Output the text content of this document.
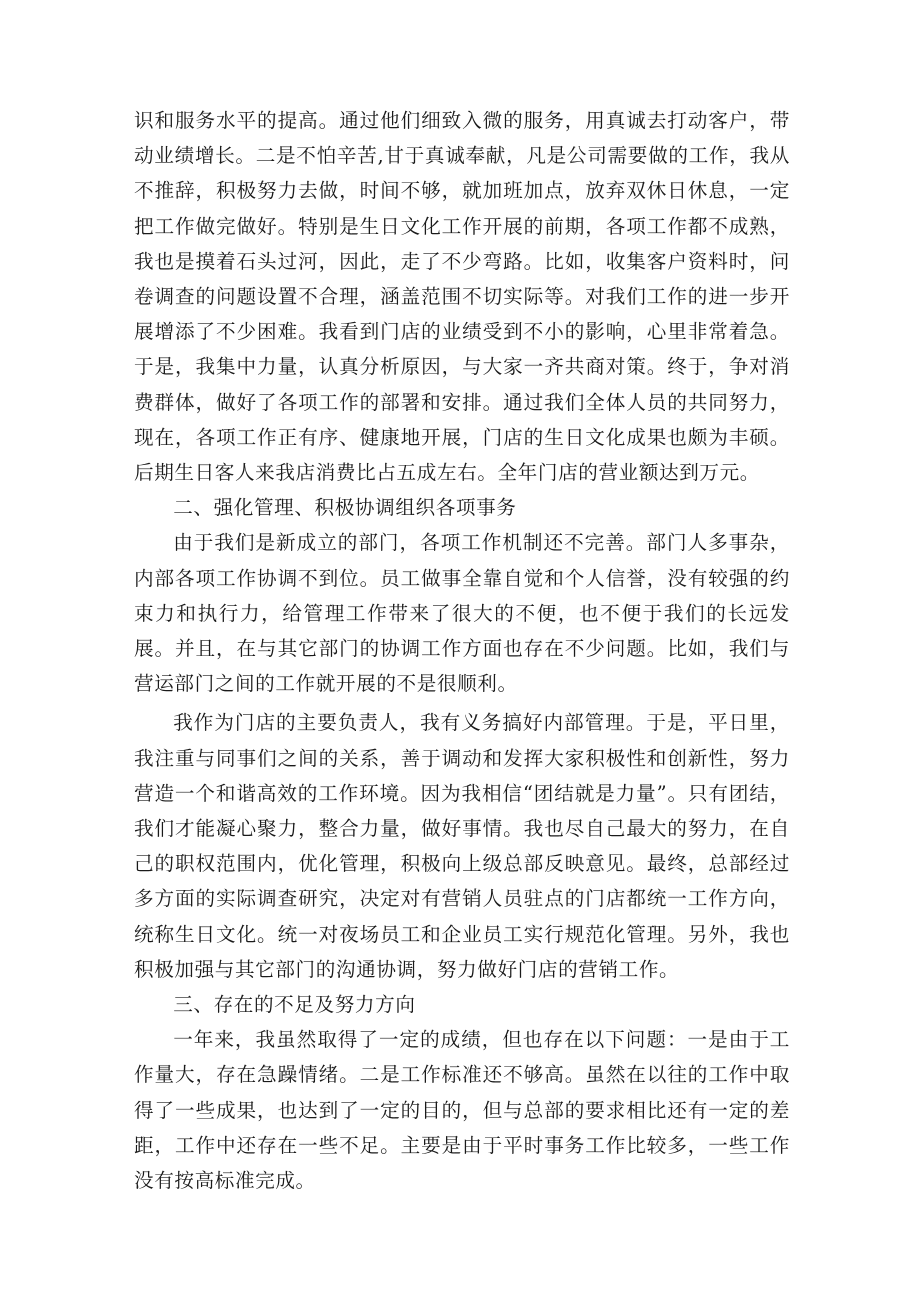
识和服务水平的提高。通过他们细致入微的服务，用真诚去打动客户，带动业绩增长。二是不怕辛苦,甘于真诚奉献，凡是公司需要做的工作，我从不推辞，积极努力去做，时间不够，就加班加点，放弃双休日休息，一定把工作做完做好。特别是生日文化工作开展的前期，各项工作都不成熟，我也是摸着石头过河，因此，走了不少弯路。比如，收集客户资料时，问卷调查的问题设置不合理，涵盖范围不切实际等。对我们工作的进一步开展增添了不少困难。我看到门店的业绩受到不小的影响，心里非常着急。于是，我集中力量，认真分析原因，与大家一齐共商对策。终于，争对消费群体，做好了各项工作的部署和安排。通过我们全体人员的共同努力，现在，各项工作正有序、健康地开展，门店的生日文化成果也颇为丰硕。后期生日客人来我店消费比占五成左右。全年门店的营业额达到万元。

二、强化管理、积极协调组织各项事务

由于我们是新成立的部门，各项工作机制还不完善。部门人多事杂，内部各项工作协调不到位。员工做事全靠自觉和个人信誉，没有较强的约束力和执行力，给管理工作带来了很大的不便，也不便于我们的长远发展。并且，在与其它部门的协调工作方面也存在不少问题。比如，我们与营运部门之间的工作就开展的不是很顺利。

我作为门店的主要负责人，我有义务搞好内部管理。于是，平日里，我注重与同事们之间的关系，善于调动和发挥大家积极性和创新性，努力营造一个和谐高效的工作环境。因为我相信“团结就是力量”。只有团结，我们才能凝心聚力，整合力量，做好事情。我也尽自己最大的努力，在自己的职权范围内，优化管理，积极向上级总部反映意见。最终，总部经过多方面的实际调查研究，决定对有营销人员驻点的门店都统一工作方向，统称生日文化。统一对夜场员工和企业员工实行规范化管理。另外，我也积极加强与其它部门的沟通协调，努力做好门店的营销工作。

三、存在的不足及努力方向

一年来，我虽然取得了一定的成绩，但也存在以下问题：一是由于工作量大，存在急躁情绪。二是工作标准还不够高。虽然在以往的工作中取得了一些成果，也达到了一定的目的，但与总部的要求相比还有一定的差距，工作中还存在一些不足。主要是由于平时事务工作比较多，一些工作没有按高标准完成。
